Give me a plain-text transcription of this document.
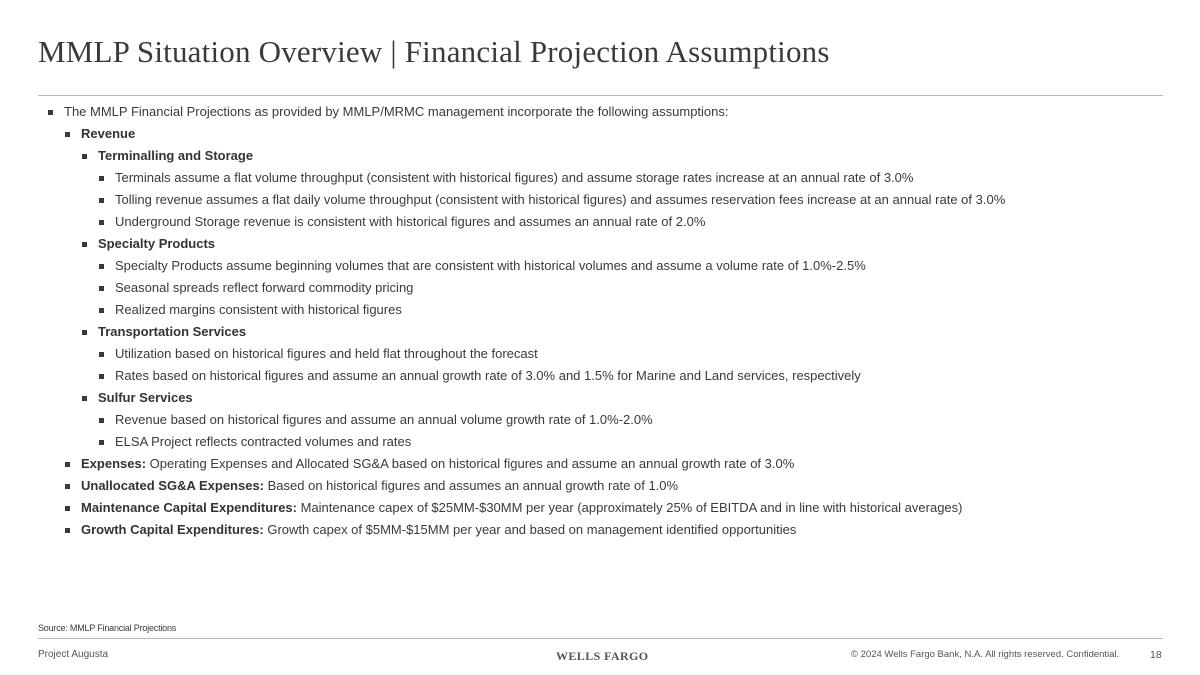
MMLP Situation Overview | Financial Projection Assumptions
The MMLP Financial Projections as provided by MMLP/MRMC management incorporate the following assumptions:
Revenue
Terminalling and Storage
Terminals assume a flat volume throughput (consistent with historical figures) and assume storage rates increase at an annual rate of 3.0%
Tolling revenue assumes a flat daily volume throughput (consistent with historical figures) and assumes reservation fees increase at an annual rate of 3.0%
Underground Storage revenue is consistent with historical figures and assumes an annual rate of 2.0%
Specialty Products
Specialty Products assume beginning volumes that are consistent with historical volumes and assume a volume rate of 1.0%-2.5%
Seasonal spreads reflect forward commodity pricing
Realized margins consistent with historical figures
Transportation Services
Utilization based on historical figures and held flat throughout the forecast
Rates based on historical figures and assume an annual growth rate of 3.0% and 1.5% for Marine and Land services, respectively
Sulfur Services
Revenue based on historical figures and assume an annual volume growth rate of 1.0%-2.0%
ELSA Project reflects contracted volumes and rates
Expenses: Operating Expenses and Allocated SG&A based on historical figures and assume an annual growth rate of 3.0%
Unallocated SG&A Expenses: Based on historical figures and assumes an annual growth rate of 1.0%
Maintenance Capital Expenditures: Maintenance capex of $25MM-$30MM per year (approximately 25% of EBITDA and in line with historical averages)
Growth Capital Expenditures: Growth capex of $5MM-$15MM per year and based on management identified opportunities
Source: MMLP Financial Projections
Project Augusta	WELLS FARGO	© 2024 Wells Fargo Bank, N.A. All rights reserved. Confidential.	18
